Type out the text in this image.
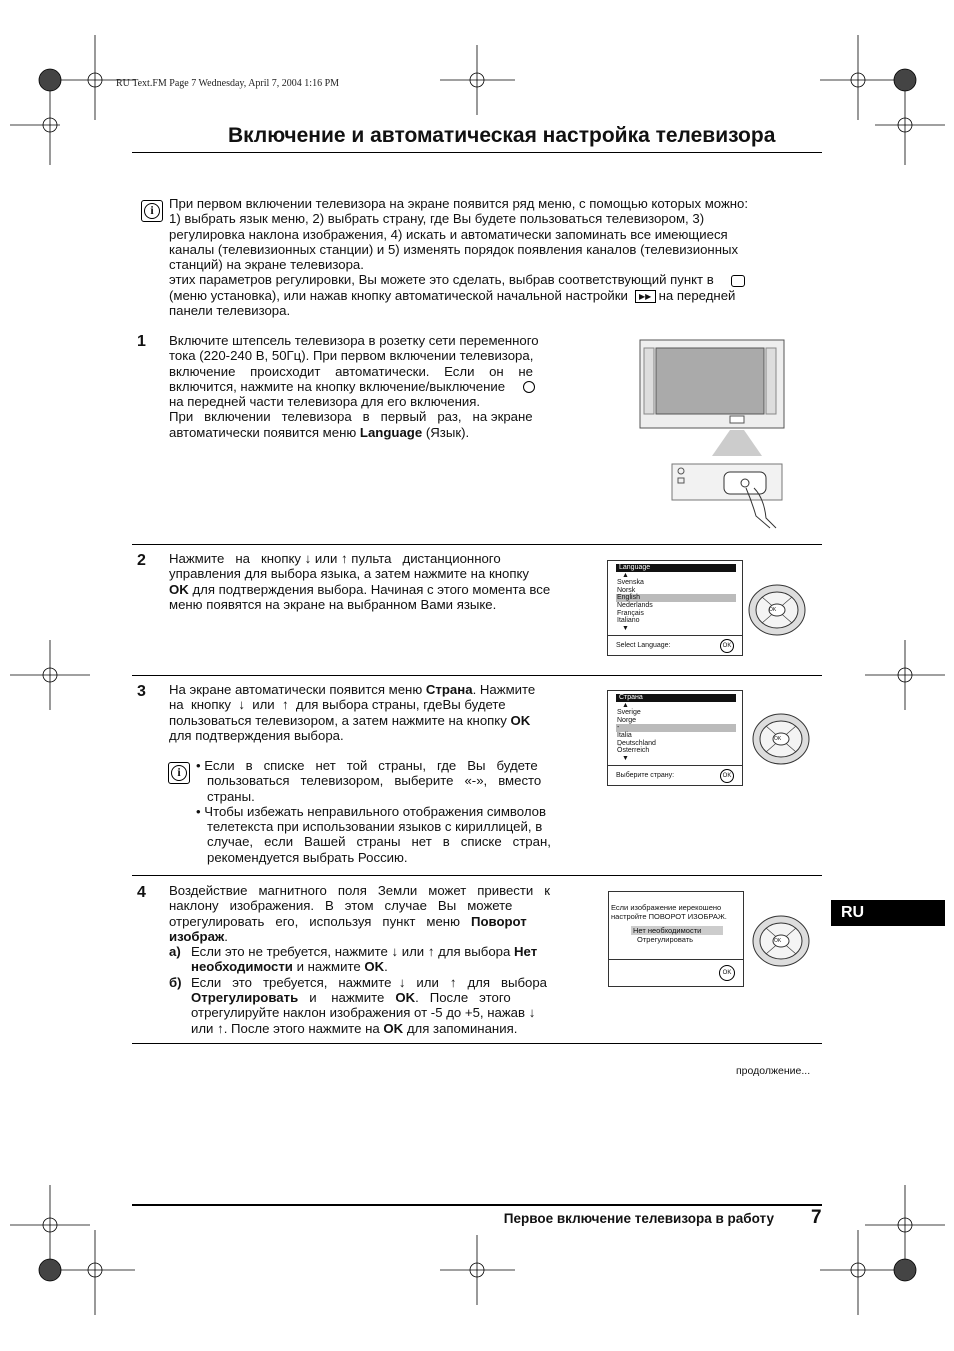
RU Text.FM Page 7 Wednesday, April 7, 2004 1:16 PM
Включение и автоматическая настройка телевизора
i	При первом включении телевизора на экране появится ряд меню, с помощью которых можно:
1) выбрать язык меню, 2) выбрать страну, где Вы будете пользоваться телевизором, 3)
регулировка наклона изображения, 4) искать и автоматически запоминать все имеющиеся
каналы (телевизионных станции) и 5) изменять порядок появления каналов (телевизионных
станций) на экране телевизора.
этих параметров регулировки, Вы можете это сделать, выбрав соответствующий пункт в
(меню установка), или нажав кнопку автоматической начальной настройки ▶▶ на передней
панели телевизора.
1 Включите штепсель телевизора в розетку сети переменного
тока (220-240 В, 50Гц). При первом включении телевизора,
включение    происходит    автоматически.    Если    он    не
включится, нажмите на кнопку включение/выключение
на передней части телевизора для его включения.
При   включении   телевизора   в   первый   раз,   на экране
автоматически появится меню Language (Язык).
2 Нажмите   на   кнопку ↓ или ↑ пульта   дистанционного
управления для выбора языка, а затем нажмите на кнопку
OK для подтверждения выбора. Начиная с этого момента все
меню появятся на экране на выбранном Вами языке.
Language
▲
Svenska
Norsk
English
Nederlands
Français
Italiano
▼
Select Language:	OK
OK
3 На экране автоматически появится меню Страна. Нажмите
на  кнопку ↓ или ↑ для выбора страны, гдеВы будете
пользоваться телевизором, а затем нажмите на кнопку OK
для подтверждения выбора.
i	• Если   в   списке   нет   той   страны,   где   Вы   будете
пользоваться   телевизором,   выберите   «-»,   вместо
страны.
• Чтобы избежать неправильного отображения символов
телетекста при использовании языков с кириллицей, в
случае,   если   Вашей   страны   нет   в   списке   стран,
рекомендуется выбрать Россию.
Страна
▲
Sverige
Norge
-
Italia
Deutschland
Österreich
▼
Выберите страну:	OK
OK
4 Воздействие   магнитного   поля   Земли   может   привести   к
наклону   изображения.   В   этом   случае   Вы   можете
отрегулировать   его,   используя   пункт   меню Поворот
изображ.
а) Если это не требуется, нажмите ↓ или ↑ для выбора Нет
необходимости и нажмите OK.
б) Если   это   требуется,   нажмите ↓ или ↑ для   выбора
Отрегулировать и    нажмите OK.   После   этого
отрегулируйте наклон изображения от -5 до +5, нажав ↓
или ↑. После этого нажмите на OK для запоминания.
Если изображение иерекошено
настройте ПОВОРОТ ИЗОБРАЖ.
Нет необходимости
Отрегулировать
OK
OK
RU
продолжение...
Первое включение телевизора в работу 7
